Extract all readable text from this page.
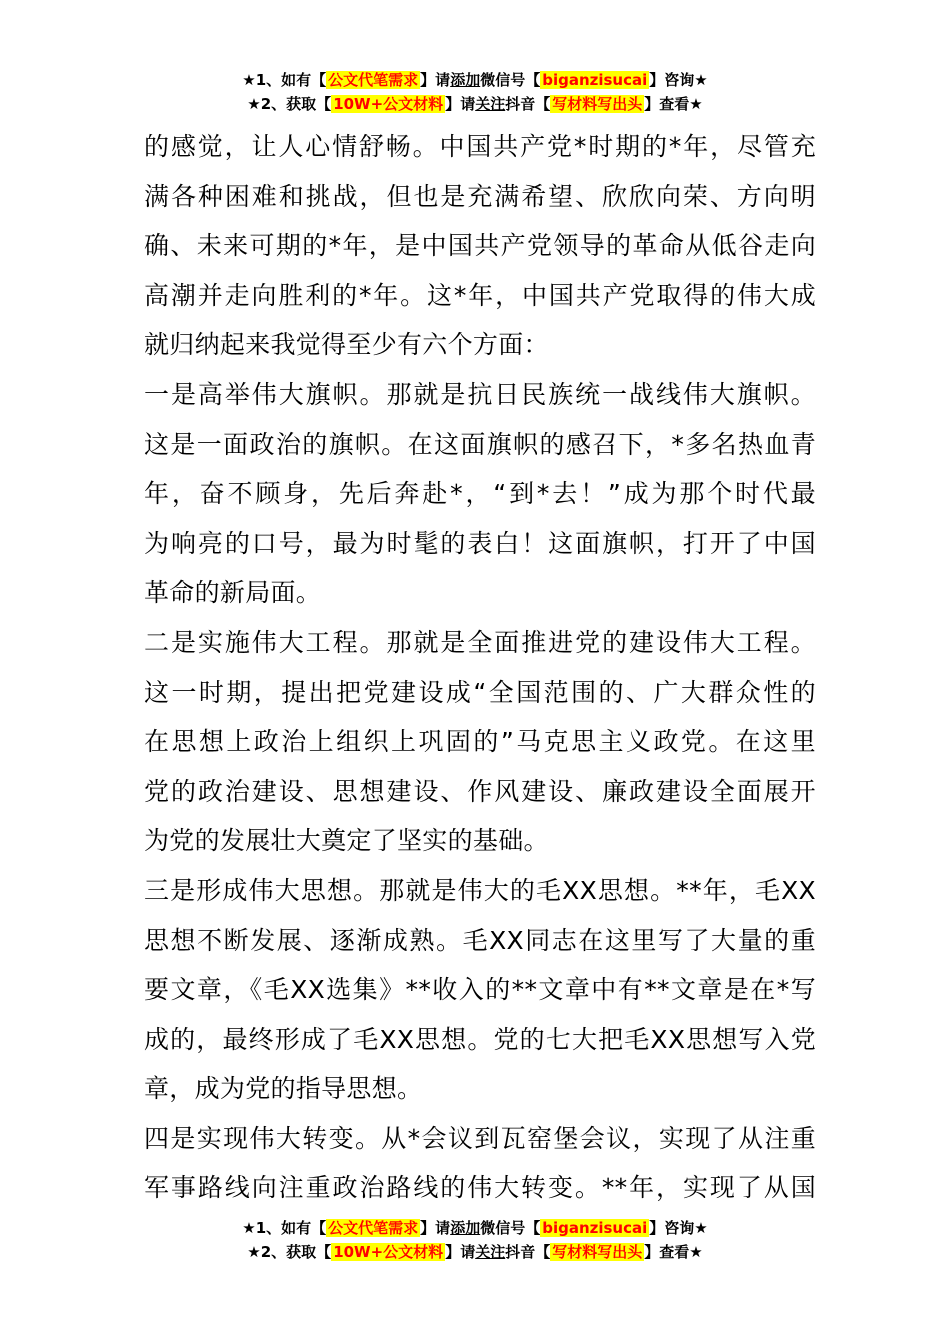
★1、如有【 公文代笔需求 】请添加微信号【 biganzisucai 】咨询★
★2、获取【 10W+公文材料 】请关注抖音【 写材料写出头 】查看★
的感觉，让人心情舒畅。中国共产党*时期的*年，尽管充
满各种困难和挑战，但也是充满希望、欣欣向荣、方向明
确、未来可期的*年，是中国共产党领导的革命从低谷走向
高潮并走向胜利的*年。这*年，中国共产党取得的伟大成
就归纳起来我觉得至少有六个方面：
一是高举伟大旗帜。那就是抗日民族统一战线伟大旗帜。
这是一面政治的旗帜。在这面旗帜的感召下，*多名热血青
年，奋不顾身，先后奔赴*，“到*去！”成为那个时代最
为响亮的口号，最为时髦的表白！这面旗帜，打开了中国
革命的新局面。
二是实施伟大工程。那就是全面推进党的建设伟大工程。
这一时期，提出把党建设成“全国范围的、广大群众性的
在思想上政治上组织上巩固的”马克思主义政党。在这里
党的政治建设、思想建设、作风建设、廉政建设全面展开
为党的发展壮大奠定了坚实的基础。
三是形成伟大思想。那就是伟大的毛XX思想。**年，毛XX
思想不断发展、逐渐成熟。毛XX同志在这里写了大量的重
要文章，《毛XX选集》**收入的**文章中有**文章是在*写
成的，最终形成了毛XX思想。党的七大把毛XX思想写入党
章，成为党的指导思想。
四是实现伟大转变。从*会议到瓦窑堡会议，实现了从注重
军事路线向注重政治路线的伟大转变。**年，实现了从国
★1、如有【 公文代笔需求 】请添加微信号【 biganzisucai 】咨询★
★2、获取【 10W+公文材料 】请关注抖音【 写材料写出头 】查看★
